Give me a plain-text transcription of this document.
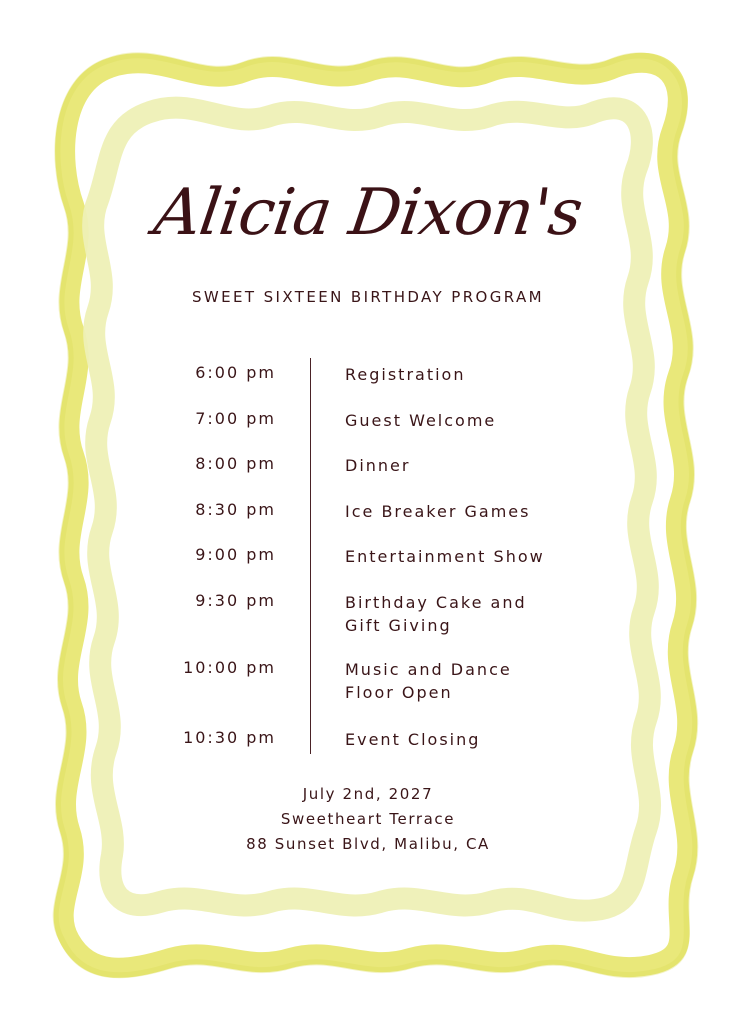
Alicia Dixon's
SWEET SIXTEEN BIRTHDAY PROGRAM
6:00 pm	Registration
7:00 pm	Guest Welcome
8:00 pm	Dinner
8:30 pm	Ice Breaker Games
9:00 pm	Entertainment Show
9:30 pm	Birthday Cake and Gift Giving
10:00 pm	Music and Dance Floor Open
10:30 pm	Event Closing
July 2nd, 2027
Sweetheart Terrace
88 Sunset Blvd, Malibu, CA
